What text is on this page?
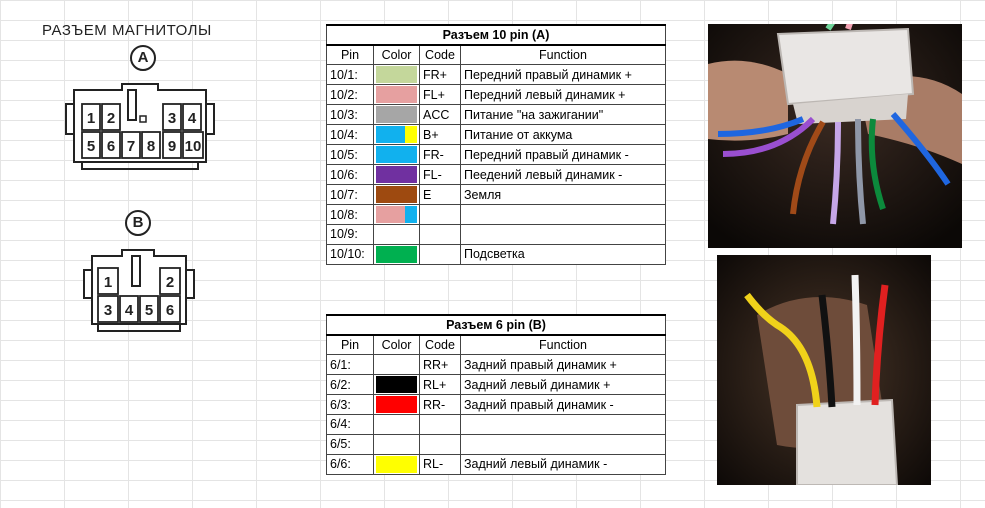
РАЗЪЕМ МАГНИТОЛЫ
A
1 2	3 4
5 6 7 8 9 10
B
1	2
3 4 5 6
Разъем 10 pin (A)			
Pin	Color	Code	Function
10/1:		FR+	Передний правый динамик +
10/2:		FL+	Передний левый динамик +
10/3:		ACC	Питание "на зажигании"
10/4:		B+	Питание от аккума
10/5:		FR-	Передний правый динамик -
10/6:		FL-	Пеедений левый динамик -
10/7:		E	Земля
10/8:	

10/9:			
10/10:			Подсветка
Разъем 6 pin (B)			
Pin	Color	Code	Function
6/1:		RR+	Задний правый динамик +
6/2:		RL+	Задний левый динамик +
6/3:		RR-	Задний правый динамик -
6/4:			
6/5:			
6/6:		RL-	Задний левый динамик -
